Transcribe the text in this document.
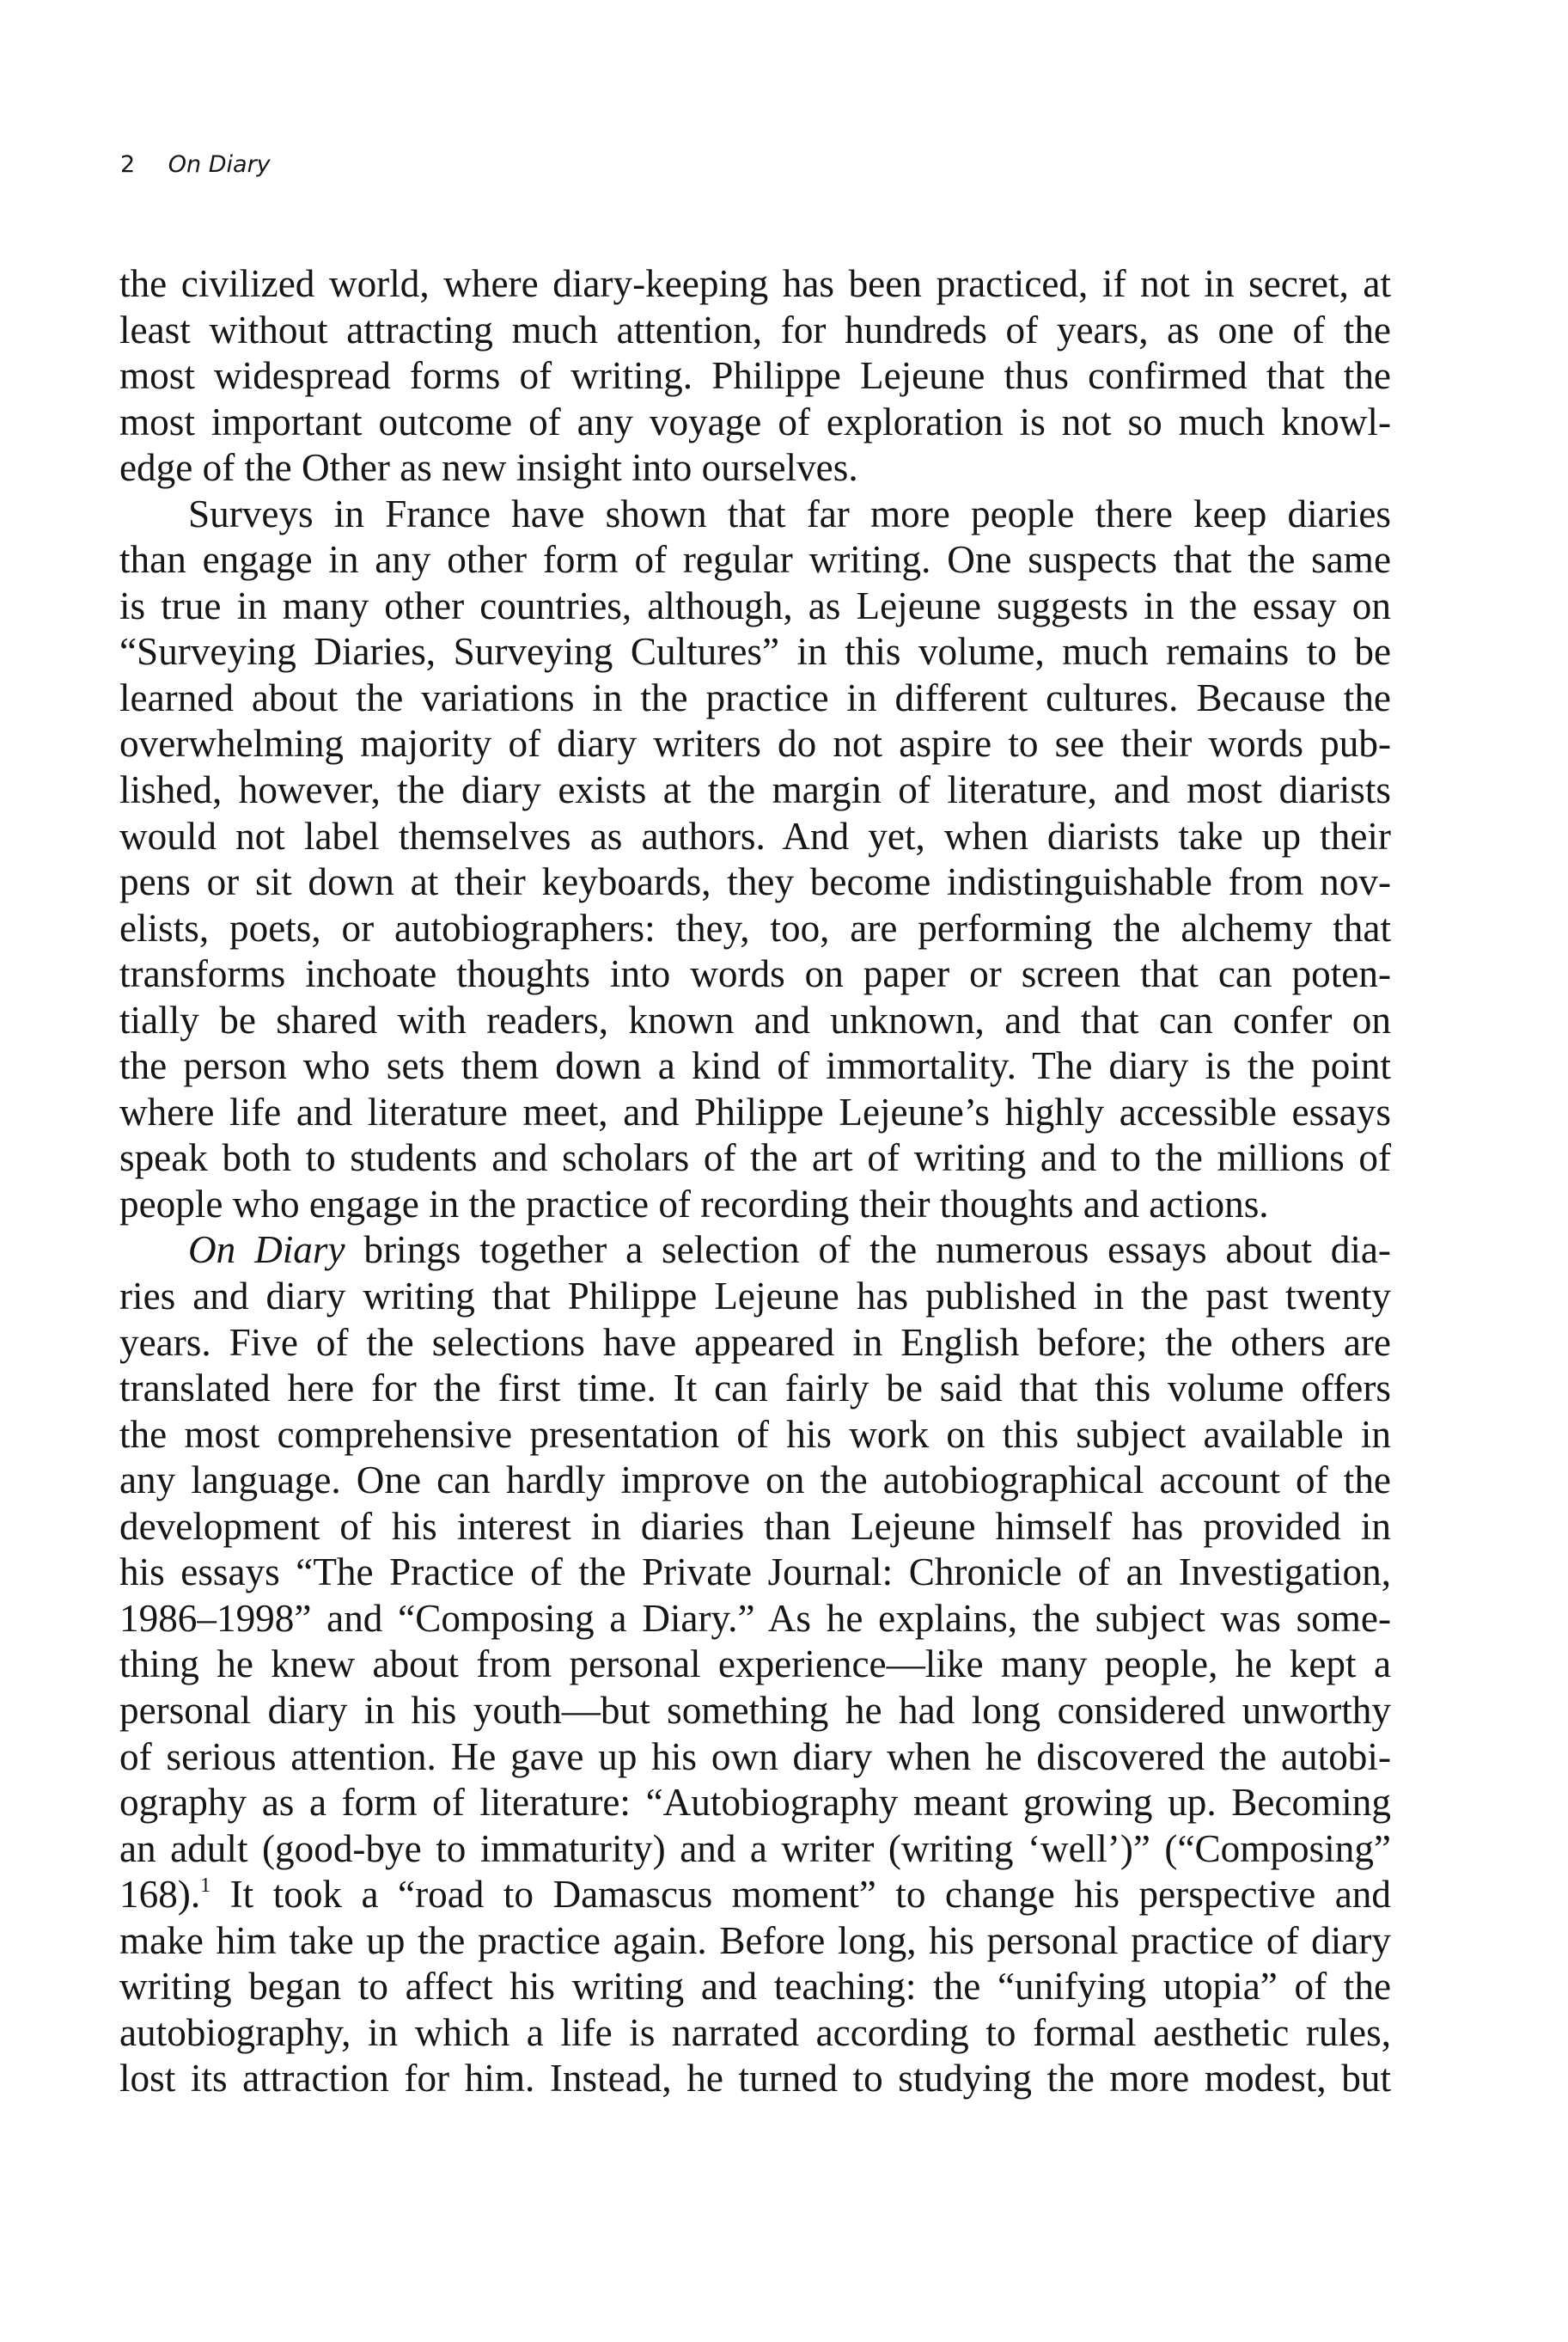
2 On Diary
the civilized world, where diary-keeping has been practiced, if not in secret, at
least without attracting much attention, for hundreds of years, as one of the
most widespread forms of writing. Philippe Lejeune thus confirmed that the
most important outcome of any voyage of exploration is not so much knowl-
edge of the Other as new insight into ourselves.
Surveys in France have shown that far more people there keep diaries
than engage in any other form of regular writing. One suspects that the same
is true in many other countries, although, as Lejeune suggests in the essay on
“Surveying Diaries, Surveying Cultures” in this volume, much remains to be
learned about the variations in the practice in different cultures. Because the
overwhelming majority of diary writers do not aspire to see their words pub-
lished, however, the diary exists at the margin of literature, and most diarists
would not label themselves as authors. And yet, when diarists take up their
pens or sit down at their keyboards, they become indistinguishable from nov-
elists, poets, or autobiographers: they, too, are performing the alchemy that
transforms inchoate thoughts into words on paper or screen that can poten-
tially be shared with readers, known and unknown, and that can confer on
the person who sets them down a kind of immortality. The diary is the point
where life and literature meet, and Philippe Lejeune’s highly accessible essays
speak both to students and scholars of the art of writing and to the millions of
people who engage in the practice of recording their thoughts and actions.
On Diary brings together a selection of the numerous essays about dia-
ries and diary writing that Philippe Lejeune has published in the past twenty
years. Five of the selections have appeared in English before; the others are
translated here for the first time. It can fairly be said that this volume offers
the most comprehensive presentation of his work on this subject available in
any language. One can hardly improve on the autobiographical account of the
development of his interest in diaries than Lejeune himself has provided in
his essays “The Practice of the Private Journal: Chronicle of an Investigation,
1986–1998” and “Composing a Diary.” As he explains, the subject was some-
thing he knew about from personal experience—like many people, he kept a
personal diary in his youth—but something he had long considered unworthy
of serious attention. He gave up his own diary when he discovered the autobi-
ography as a form of literature: “Autobiography meant growing up. Becoming
an adult (good-bye to immaturity) and a writer (writing ‘well’)” (“Composing”
168).$^1$ It took a “road to Damascus moment” to change his perspective and
make him take up the practice again. Before long, his personal practice of diary
writing began to affect his writing and teaching: the “unifying utopia” of the
autobiography, in which a life is narrated according to formal aesthetic rules,
lost its attraction for him. Instead, he turned to studying the more modest, but
